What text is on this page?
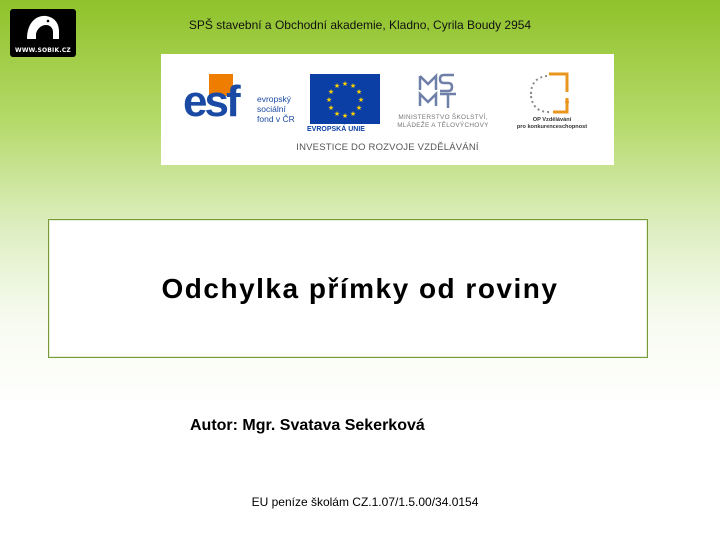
WWW.SOBIK.CZ
SPŠ stavební a Obchodní akademie, Kladno, Cyrila Boudy 2954
esf evropský
sociální
fond v ČR
★ ★
★
★
★
★
★
★
★
★
★
★
EVROPSKÁ UNIE
MINISTERSTVO ŠKOLSTVÍ,
MLÁDEŽE A TĚLOVÝCHOVY
OP Vzdělávání
pro konkurenceschopnost
INVESTICE DO ROZVOJE VZDĚLÁVÁNÍ
Odchylka přímky od roviny
Autor: Mgr. Svatava Sekerková
EU peníze školám CZ.1.07/1.5.00/34.0154
